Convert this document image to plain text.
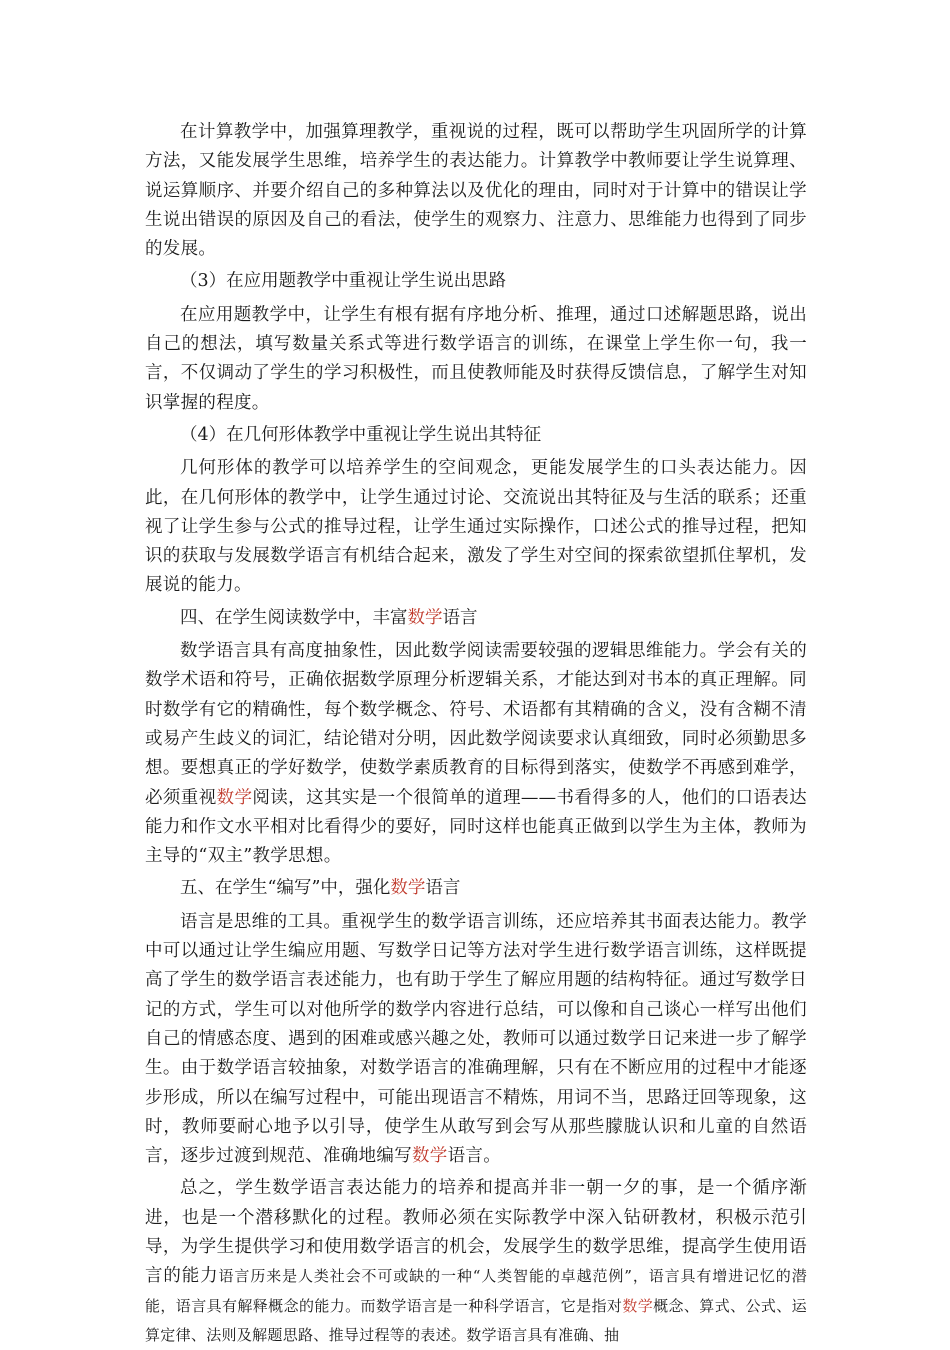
在计算教学中，加强算理教学，重视说的过程，既可以帮助学生巩固所学的计算方法，又能发展学生思维，培养学生的表达能力。计算教学中教师要让学生说算理、说运算顺序、并要介绍自己的多种算法以及优化的理由，同时对于计算中的错误让学生说出错误的原因及自己的看法，使学生的观察力、注意力、思维能力也得到了同步的发展。

（3）在应用题教学中重视让学生说出思路

在应用题教学中，让学生有根有据有序地分析、推理，通过口述解题思路，说出自己的想法，填写数量关系式等进行数学语言的训练，在课堂上学生你一句，我一言，不仅调动了学生的学习积极性，而且使教师能及时获得反馈信息，了解学生对知识掌握的程度。

（4）在几何形体教学中重视让学生说出其特征

几何形体的教学可以培养学生的空间观念，更能发展学生的口头表达能力。因此，在几何形体的教学中，让学生通过讨论、交流说出其特征及与生活的联系；还重视了让学生参与公式的推导过程，让学生通过实际操作，口述公式的推导过程，把知识的获取与发展数学语言有机结合起来，激发了学生对空间的探索欲望抓住挈机，发展说的能力。

四、在学生阅读数学中，丰富数学语言

数学语言具有高度抽象性，因此数学阅读需要较强的逻辑思维能力。学会有关的数学术语和符号，正确依据数学原理分析逻辑关系，才能达到对书本的真正理解。同时数学有它的精确性，每个数学概念、符号、术语都有其精确的含义，没有含糊不清或易产生歧义的词汇，结论错对分明，因此数学阅读要求认真细致，同时必须勤思多想。要想真正的学好数学，使数学素质教育的目标得到落实，使数学不再感到难学，必须重视数学阅读，这其实是一个很简单的道理——书看得多的人，他们的口语表达能力和作文水平相对比看得少的要好，同时这样也能真正做到以学生为主体，教师为主导的“双主”教学思想。

五、在学生“编写”中，强化数学语言

语言是思维的工具。重视学生的数学语言训练，还应培养其书面表达能力。教学中可以通过让学生编应用题、写数学日记等方法对学生进行数学语言训练，这样既提高了学生的数学语言表述能力，也有助于学生了解应用题的结构特征。通过写数学日记的方式，学生可以对他所学的数学内容进行总结，可以像和自己谈心一样写出他们自己的情感态度、遇到的困难或感兴趣之处，教师可以通过数学日记来进一步了解学生。由于数学语言较抽象，对数学语言的准确理解，只有在不断应用的过程中才能逐步形成，所以在编写过程中，可能出现语言不精炼，用词不当，思路迂回等现象，这时，教师要耐心地予以引导，使学生从敢写到会写从那些朦胧认识和儿童的自然语言，逐步过渡到规范、准确地编写数学语言。

总之，学生数学语言表达能力的培养和提高并非一朝一夕的事，是一个循序渐进，也是一个潜移默化的过程。教师必须在实际教学中深入钻研教材，积极示范引导，为学生提供学习和使用数学语言的机会，发展学生的数学思维，提高学生使用语言的能力语言历来是人类社会不可或缺的一种“人类智能的卓越范例”，语言具有增进记忆的潜能，语言具有解释概念的能力。而数学语言是一种科学语言，它是指对数学概念、算式、公式、运算定律、法则及解题思路、推导过程等的表述。数学语言具有准确、抽
